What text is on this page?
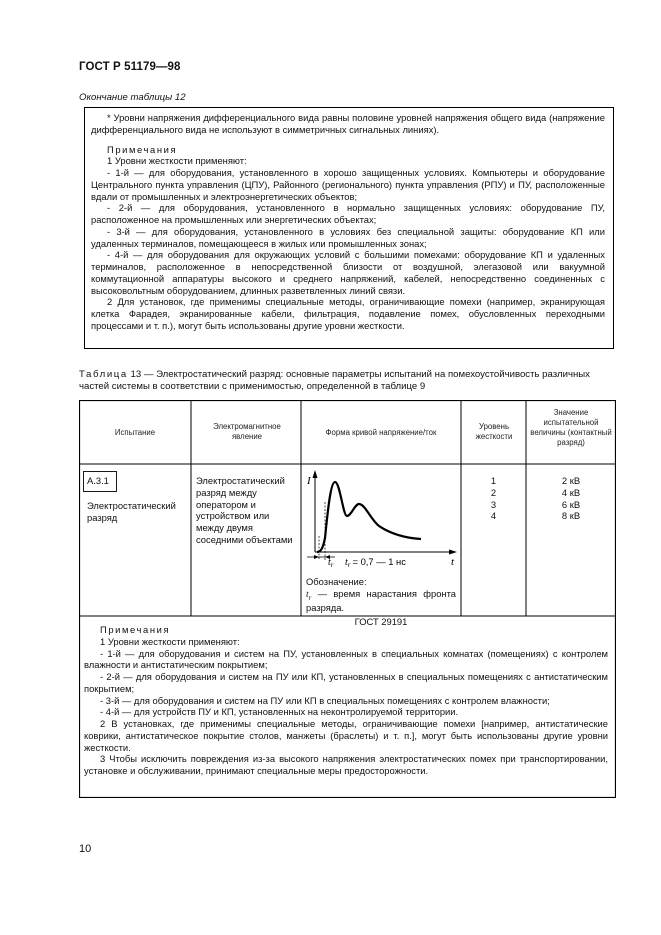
ГОСТ Р 51179—98
Окончание таблицы 12

* Уровни напряжения дифференциального вида равны половине уровней напряжения общего вида (напряжение дифференциального вида не используют в симметричных сигнальных линиях).

Примечания

1 Уровни жесткости применяют:

- 1-й — для оборудования, установленного в хорошо защищенных условиях. Компьютеры и оборудование Центрального пункта управления (ЦПУ), Районного (регионального) пункта управления (РПУ) и ПУ, расположенные вдали от промышленных и электроэнергетических объектов;

- 2-й — для оборудования, установленного в нормально защищенных условиях: оборудование ПУ, расположенное на промышленных или энергетических объектах;

- 3-й — для оборудования, установленного в условиях без специальной защиты: оборудование КП или удаленных терминалов, помещающееся в жилых или промышленных зонах;

- 4-й — для оборудования для окружающих условий с большими помехами: оборудование КП и удаленных терминалов, расположенное в непосредственной близости от воздушной, элегазовой или вакуумной коммутационной аппаратуры высокого и среднего напряжений, кабелей, непосредственно соединенных с высоковольтным оборудованием, длинных разветвленных линий связи.

2 Для установок, где применимы специальные методы, ограничивающие помехи (например, экранирующая клетка Фарадея, экранированные кабели, фильтрация, подавление помех, обусловленных переходными процессами и т. п.), могут быть использованы другие уровни жесткости.

Таблица 13 — Электростатический разряд: основные параметры испытаний на помехоустойчивость различных частей системы в соответствии с применимостью, определенной в таблице 9
Испытание
Электромагнитное явление	Форма кривой напряжение/ток
Уровень жесткости
Значение испытательной величины (контактный разряд)
A.3.1
Электростатический разряд
Электростатический разряд между оператором и устройством или между двумя соседними объектами
1
2
3
4
2 кВ
4 кВ
6 кВ
8 кВ
I
t
$t_r$ $t_r = 0,7$ — 1 нс
Обозначение:
$t_r$ — время нарастания фронта разряда.
ГОСТ 29191

Примечания

1 Уровни жесткости применяют:

- 1-й — для оборудования и систем на ПУ, установленных в специальных комнатах (помещениях) с контролем влажности и антистатическим покрытием;

- 2-й — для оборудования и систем на ПУ или КП, установленных в специальных помещениях с антистатическим покрытием;

- 3-й — для оборудования и систем на ПУ или КП в специальных помещениях с контролем влажности;

- 4-й — для устройств ПУ и КП, установленных на неконтролируемой территории.

2 В установках, где применимы специальные методы, ограничивающие помехи [например, антистатические коврики, антистатическое покрытие столов, манжеты (браслеты) и т. п.], могут быть использованы другие уровни жесткости.

3 Чтобы исключить повреждения из-за высокого напряжения электростатических помех при транспортировании, установке и обслуживании, принимают специальные меры предосторожности.

10
